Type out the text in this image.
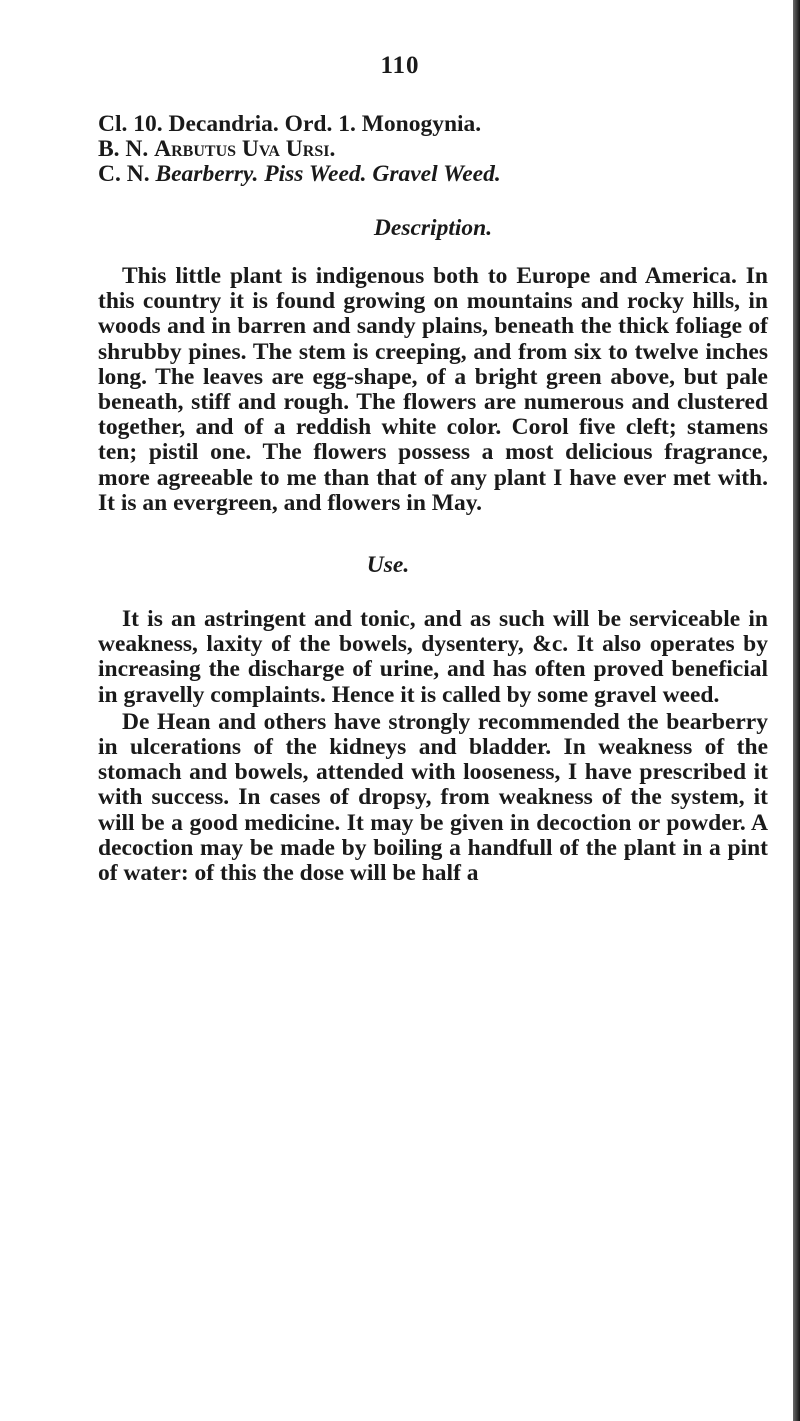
110

Cl. 10. Decandria. Ord. 1. Monogynia.

B. N. Arbutus Uva Ursi.

C. N. Bearberry. Piss Weed. Gravel Weed.

Description.

This little plant is indigenous both to Europe and America. In this country it is found growing on mountains and rocky hills, in woods and in barren and sandy plains, beneath the thick foliage of shrubby pines. The stem is creeping, and from six to twelve inches long. The leaves are egg-shape, of a bright green above, but pale beneath, stiff and rough. The flowers are numerous and clustered together, and of a reddish white color. Corol five cleft; stamens ten; pistil one. The flowers possess a most delicious fragrance, more agreeable to me than that of any plant I have ever met with. It is an evergreen, and flowers in May.

Use.

It is an astringent and tonic, and as such will be serviceable in weakness, laxity of the bowels, dysentery, &c. It also operates by increasing the discharge of urine, and has often proved beneficial in gravelly complaints. Hence it is called by some gravel weed.

De Hean and others have strongly recommended the bearberry in ulcerations of the kidneys and bladder. In weakness of the stomach and bowels, attended with looseness, I have prescribed it with success. In cases of dropsy, from weakness of the system, it will be a good medicine. It may be given in decoction or powder. A decoction may be made by boiling a handfull of the plant in a pint of water: of this the dose will be half a
